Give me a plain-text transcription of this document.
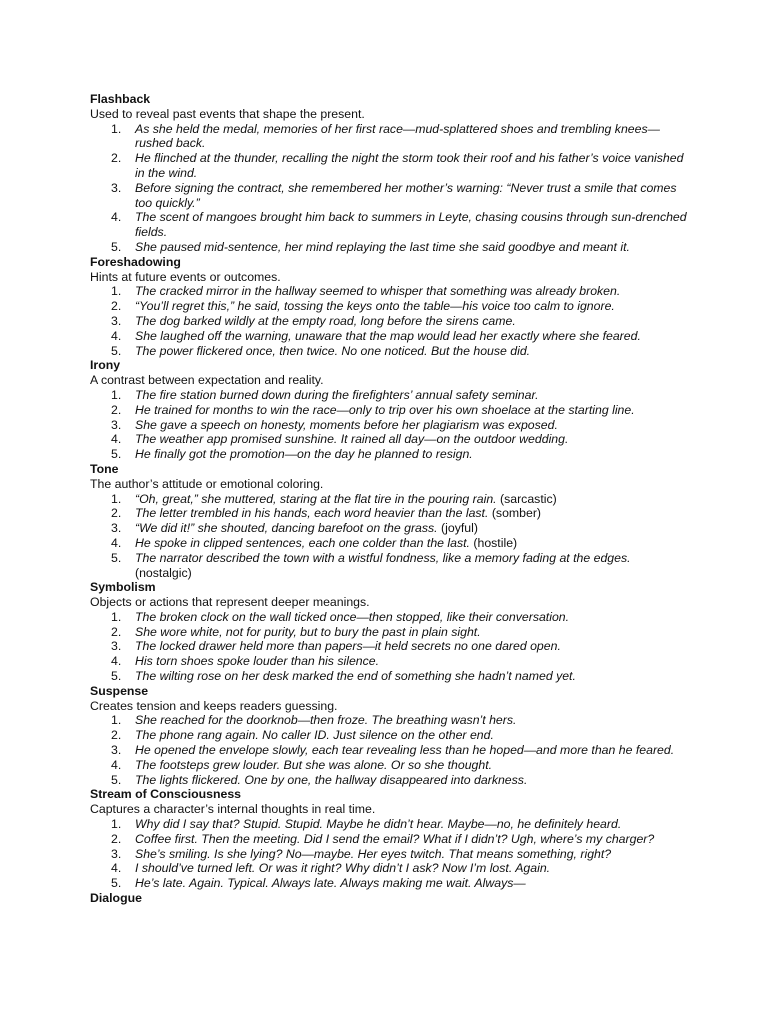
Flashback
Used to reveal past events that shape the present.
1. As she held the medal, memories of her first race—mud-splattered shoes and trembling knees—rushed back.
2. He flinched at the thunder, recalling the night the storm took their roof and his father’s voice vanished in the wind.
3. Before signing the contract, she remembered her mother’s warning: “Never trust a smile that comes too quickly.”
4. The scent of mangoes brought him back to summers in Leyte, chasing cousins through sun-drenched fields.
5. She paused mid-sentence, her mind replaying the last time she said goodbye and meant it.
Foreshadowing
Hints at future events or outcomes.
1. The cracked mirror in the hallway seemed to whisper that something was already broken.
2. “You’ll regret this,” he said, tossing the keys onto the table—his voice too calm to ignore.
3. The dog barked wildly at the empty road, long before the sirens came.
4. She laughed off the warning, unaware that the map would lead her exactly where she feared.
5. The power flickered once, then twice. No one noticed. But the house did.
Irony
A contrast between expectation and reality.
1. The fire station burned down during the firefighters’ annual safety seminar.
2. He trained for months to win the race—only to trip over his own shoelace at the starting line.
3. She gave a speech on honesty, moments before her plagiarism was exposed.
4. The weather app promised sunshine. It rained all day—on the outdoor wedding.
5. He finally got the promotion—on the day he planned to resign.
Tone
The author’s attitude or emotional coloring.
1. “Oh, great,” she muttered, staring at the flat tire in the pouring rain. (sarcastic)
2. The letter trembled in his hands, each word heavier than the last. (somber)
3. “We did it!” she shouted, dancing barefoot on the grass. (joyful)
4. He spoke in clipped sentences, each one colder than the last. (hostile)
5. The narrator described the town with a wistful fondness, like a memory fading at the edges. (nostalgic)
Symbolism
Objects or actions that represent deeper meanings.
1. The broken clock on the wall ticked once—then stopped, like their conversation.
2. She wore white, not for purity, but to bury the past in plain sight.
3. The locked drawer held more than papers—it held secrets no one dared open.
4. His torn shoes spoke louder than his silence.
5. The wilting rose on her desk marked the end of something she hadn’t named yet.
Suspense
Creates tension and keeps readers guessing.
1. She reached for the doorknob—then froze. The breathing wasn’t hers.
2. The phone rang again. No caller ID. Just silence on the other end.
3. He opened the envelope slowly, each tear revealing less than he hoped—and more than he feared.
4. The footsteps grew louder. But she was alone. Or so she thought.
5. The lights flickered. One by one, the hallway disappeared into darkness.
Stream of Consciousness
Captures a character’s internal thoughts in real time.
1. Why did I say that? Stupid. Stupid. Maybe he didn’t hear. Maybe—no, he definitely heard.
2. Coffee first. Then the meeting. Did I send the email? What if I didn’t? Ugh, where’s my charger?
3. She’s smiling. Is she lying? No—maybe. Her eyes twitch. That means something, right?
4. I should’ve turned left. Or was it right? Why didn’t I ask? Now I’m lost. Again.
5. He’s late. Again. Typical. Always late. Always making me wait. Always—
Dialogue
